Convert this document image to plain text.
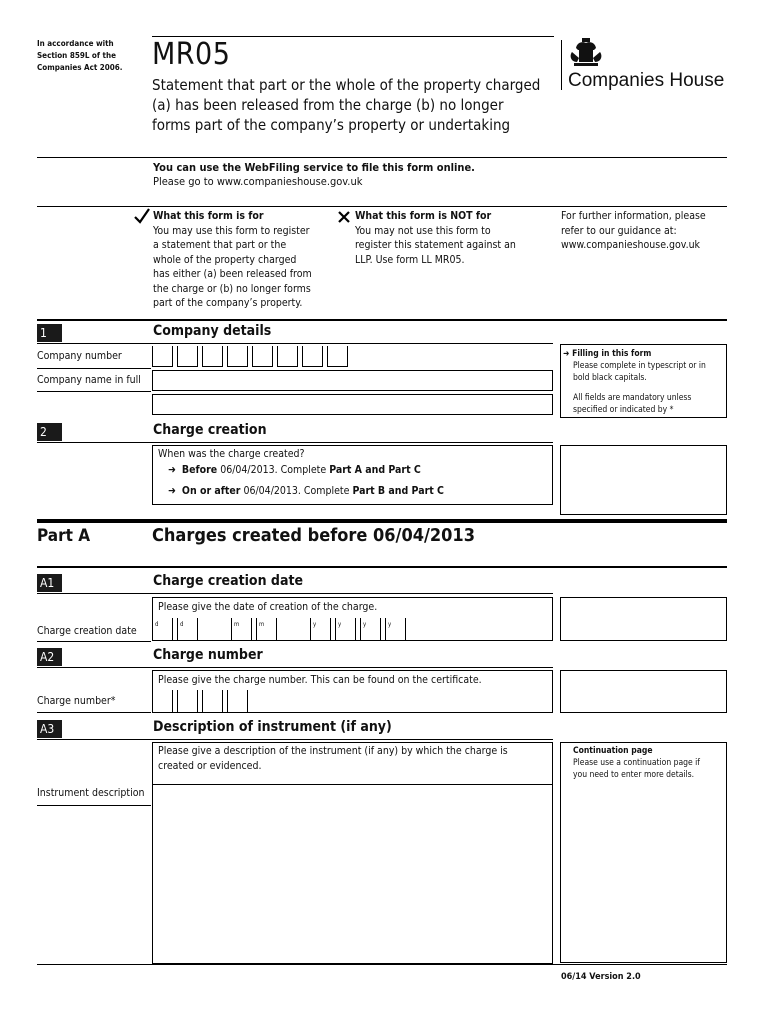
In accordance with
Section 859L of the
Companies Act 2006. MR05
Statement that part or the whole of the property charged
(a) has been released from the charge (b) no longer
forms part of the company’s property or undertaking
Companies House
You can use the WebFiling service to file this form online.
Please go to www.companieshouse.gov.uk
What this form is for
You may use this form to register
a statement that part or the
whole of the property charged
has either (a) been released from
the charge or (b) no longer forms
part of the company’s property.
What this form is NOT for
You may not use this form to
register this statement against an
LLP. Use form LL MR05.
For further information, please
refer to our guidance at:
www.companieshouse.gov.uk
1	Company details
Company number
Company name in full
➜ Filling in this form
Please complete in typescript or in
bold black capitals.
All fields are mandatory unless
specified or indicated by *
2	Charge creation
When was the charge created?
➜ Before 06/04/2013. Complete Part A and Part C
➜ On or after 06/04/2013. Complete Part B and Part C
Part A	Charges created before 06/04/2013
A1	Charge creation date
Please give the date of creation of the charge.
Charge creation date
d	d	m	m	y	y	y	y
A2	Charge number
Please give the charge number. This can be found on the certificate.
Charge number*
A3	Description of instrument (if any)
Please give a description of the instrument (if any) by which the charge is
created or evidenced.
Instrument description
Continuation page
Please use a continuation page if
you need to enter more details.
06/14 Version 2.0
